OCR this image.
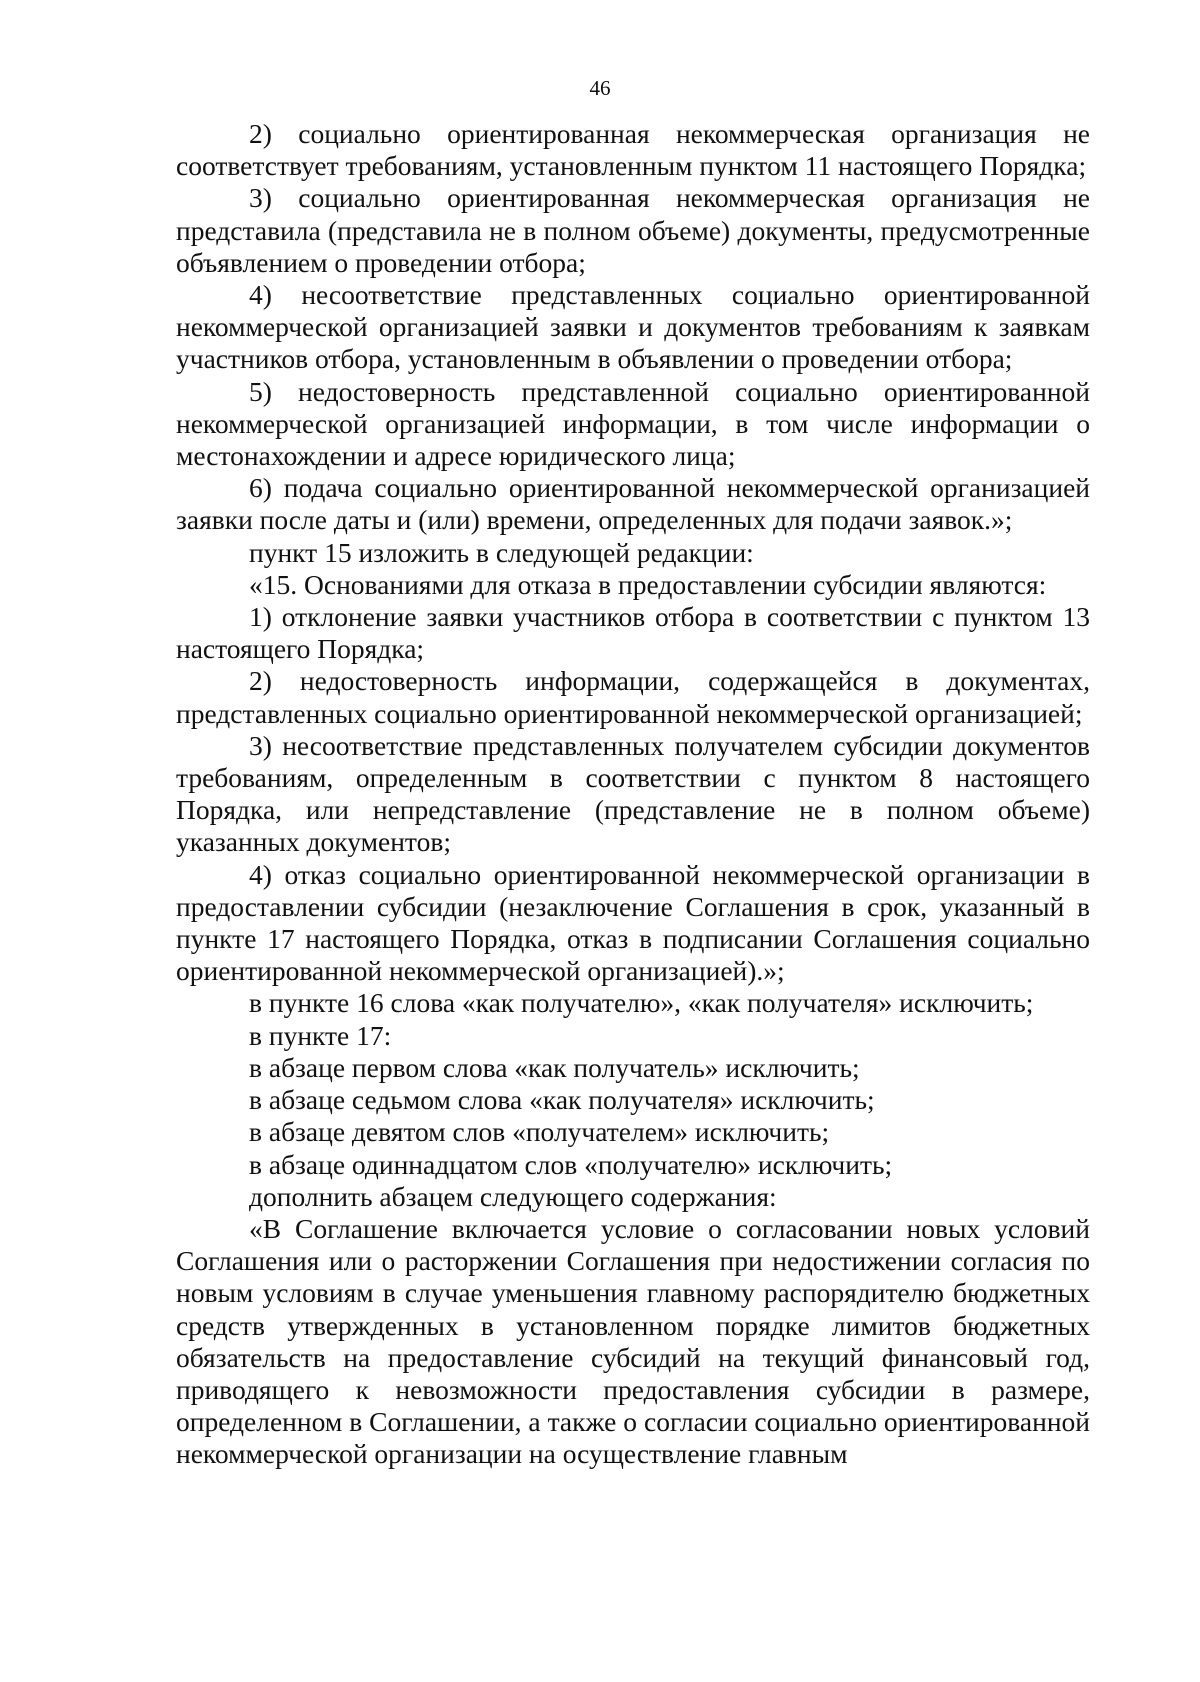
46

2) социально ориентированная некоммерческая организация не соответствует требованиям, установленным пунктом 11 настоящего Порядка;

3) социально ориентированная некоммерческая организация не представила (представила не в полном объеме) документы, предусмотренные объявлением о проведении отбора;

4) несоответствие представленных социально ориентированной некоммерческой организацией заявки и документов требованиям к заявкам участников отбора, установленным в объявлении о проведении отбора;

5) недостоверность представленной социально ориентированной некоммерческой организацией информации, в том числе информации о местонахождении и адресе юридического лица;

6) подача социально ориентированной некоммерческой организацией заявки после даты и (или) времени, определенных для подачи заявок.»;

пункт 15 изложить в следующей редакции:

«15. Основаниями для отказа в предоставлении субсидии являются:

1) отклонение заявки участников отбора в соответствии с пунктом 13 настоящего Порядка;

2) недостоверность информации, содержащейся в документах, представленных социально ориентированной некоммерческой организацией;

3) несоответствие представленных получателем субсидии документов требованиям, определенным в соответствии с пунктом 8 настоящего Порядка, или непредставление (представление не в полном объеме) указанных документов;

4) отказ социально ориентированной некоммерческой организации в предоставлении субсидии (незаключение Соглашения в срок, указанный в пункте 17 настоящего Порядка, отказ в подписании Соглашения социально ориентированной некоммерческой организацией).»;

в пункте 16 слова «как получателю», «как получателя» исключить;

в пункте 17:

в абзаце первом слова «как получатель» исключить;

в абзаце седьмом слова «как получателя» исключить;

в абзаце девятом слов «получателем» исключить;

в абзаце одиннадцатом слов «получателю» исключить;

дополнить абзацем следующего содержания:

«В Соглашение включается условие о согласовании новых условий Соглашения или о расторжении Соглашения при недостижении согласия по новым условиям в случае уменьшения главному распорядителю бюджетных средств утвержденных в установленном порядке лимитов бюджетных обязательств на предоставление субсидий на текущий финансовый год, приводящего к невозможности предоставления субсидии в размере, определенном в Соглашении, а также о согласии социально ориентированной некоммерческой организации на осуществление главным
